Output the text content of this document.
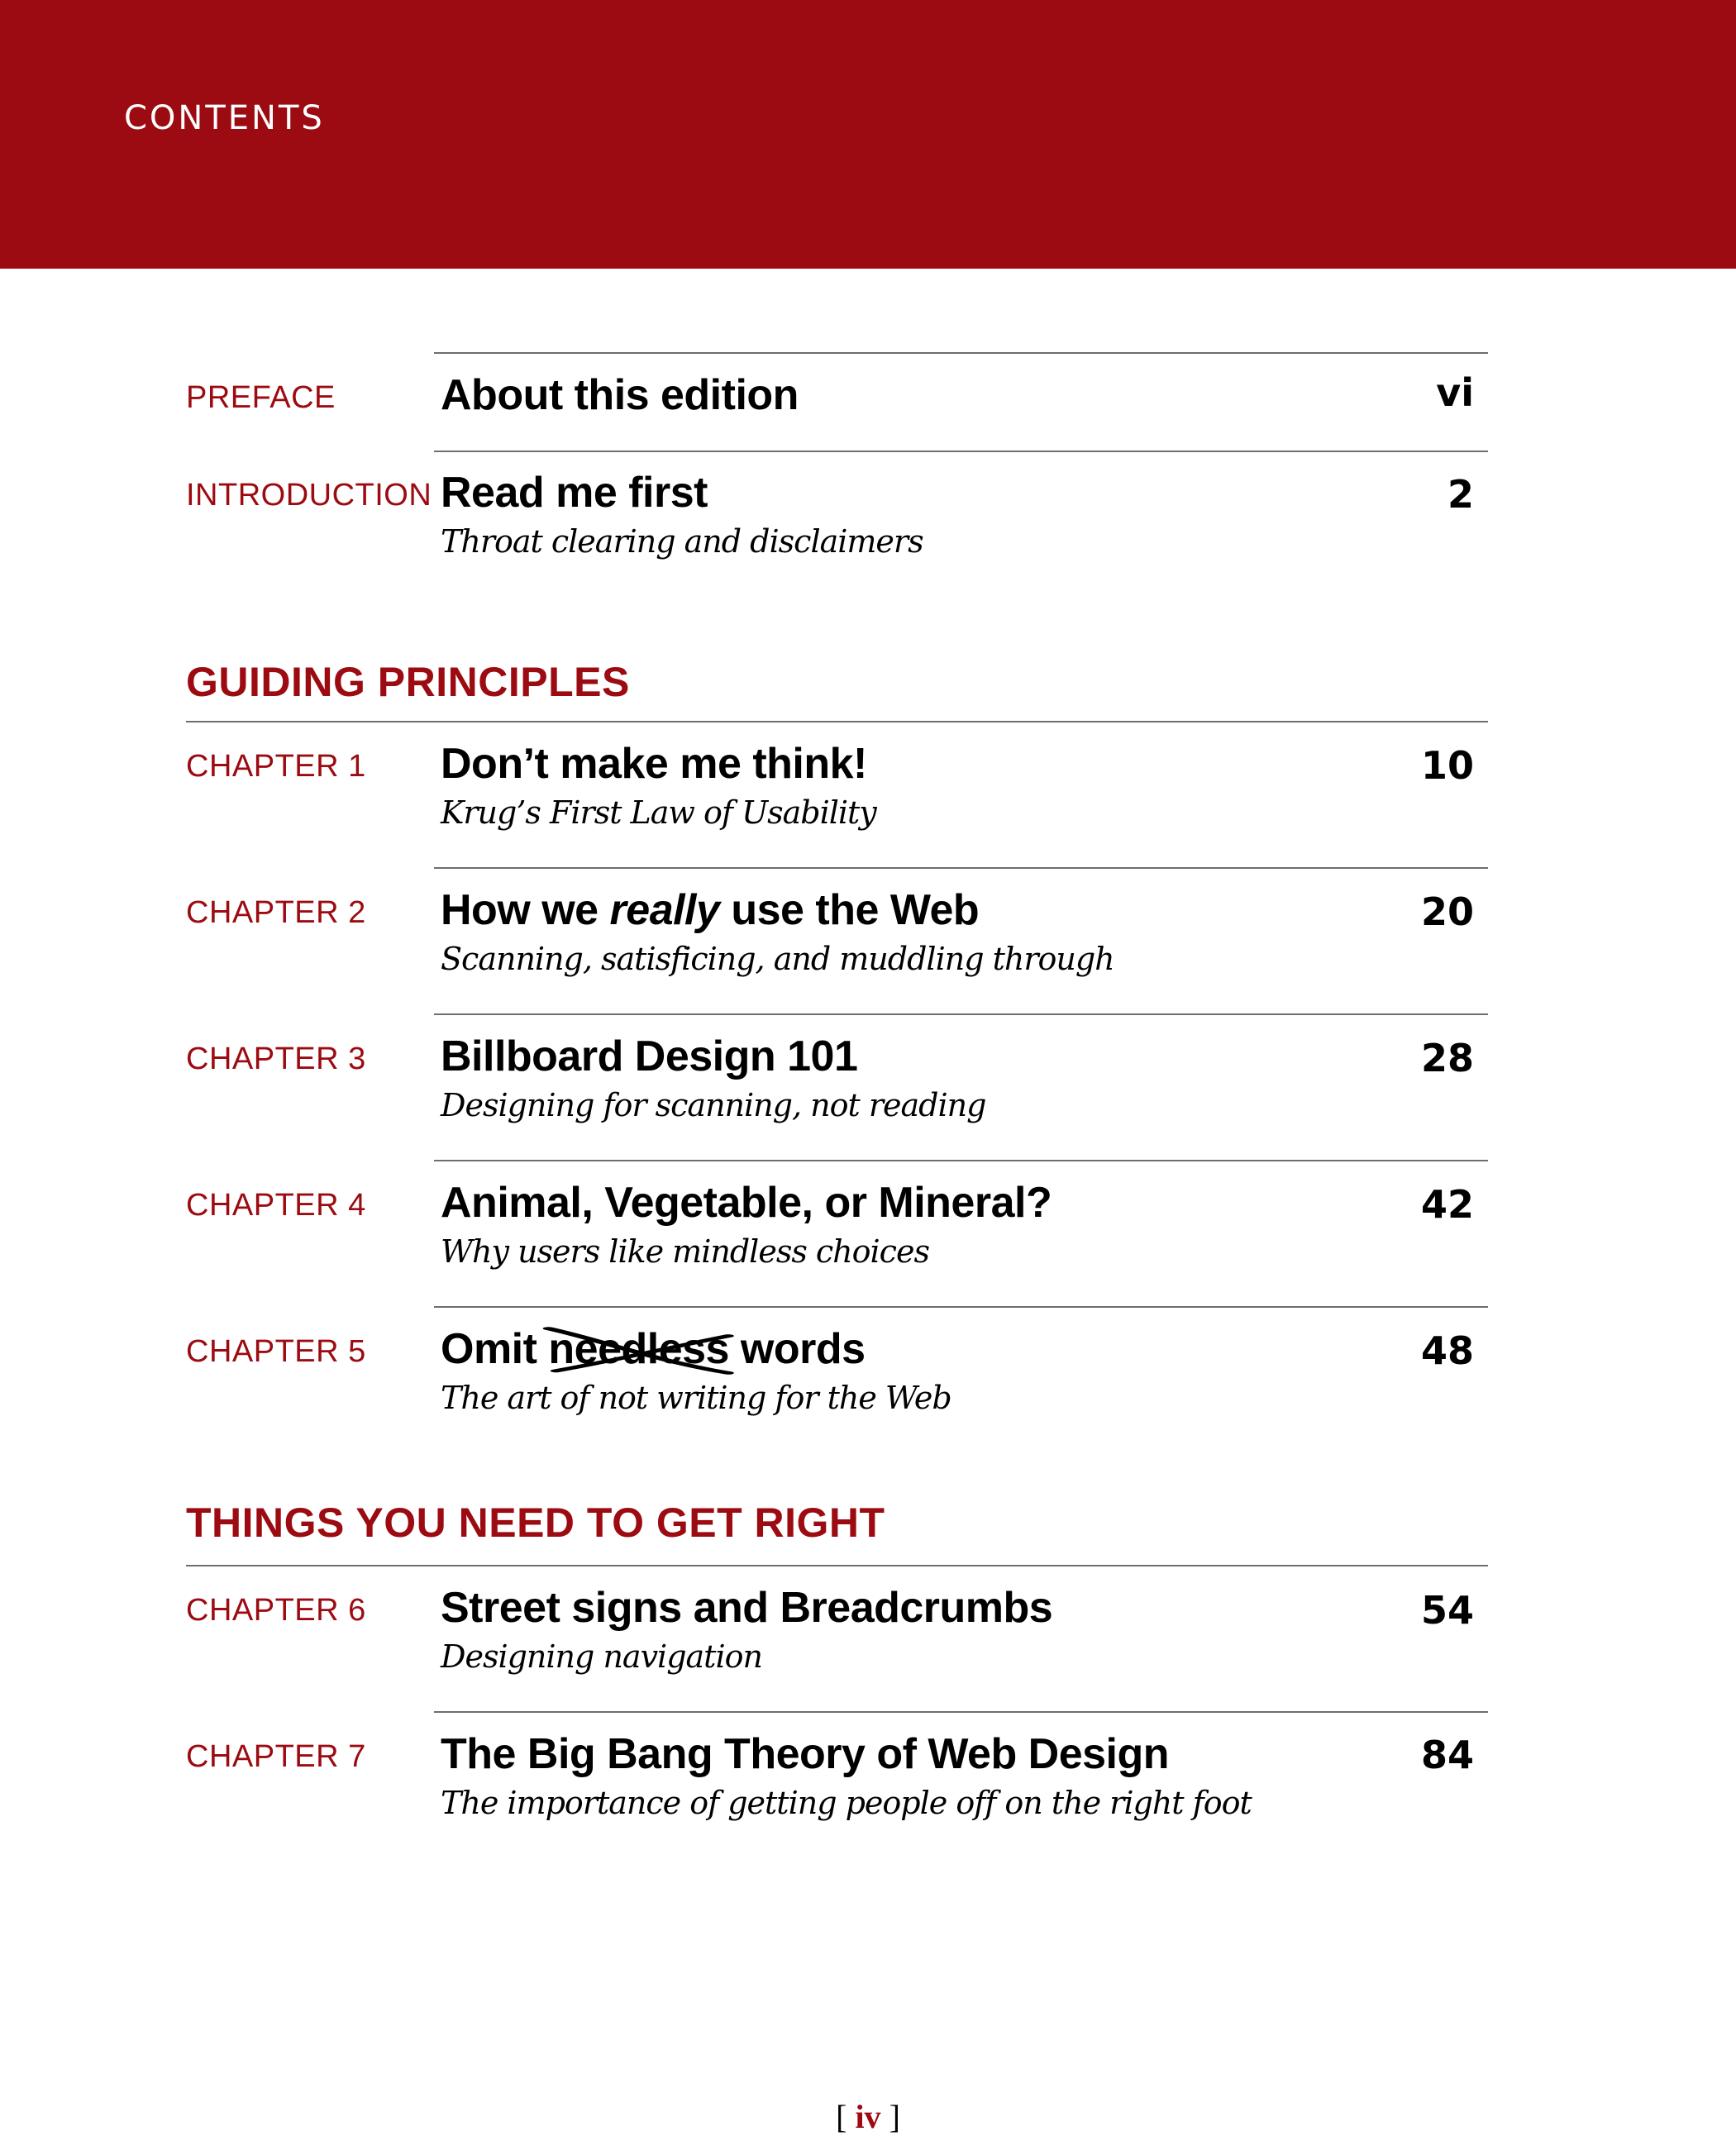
CONTENTS
PREFACE About this edition	vi
INTRODUCTION Read me first
Throat clearing and disclaimers
2
GUIDING PRINCIPLES
CHAPTER 1 Don’t make me think!
Krug’s First Law of Usability
10
CHAPTER 2 How we really use the Web
Scanning, satisficing, and muddling through
20
CHAPTER 3 Billboard Design 101
Designing for scanning, not reading
28
CHAPTER 4 Animal, Vegetable, or Mineral?
Why users like mindless choices
42
CHAPTER 5 Omit needless
words
The art of not writing for the Web
48
THINGS YOU NEED TO GET RIGHT
CHAPTER 6 Street signs and Breadcrumbs
Designing navigation
54
CHAPTER 7 The Big Bang Theory of Web Design
The importance of getting people off on the right foot
84
[ iv ]
